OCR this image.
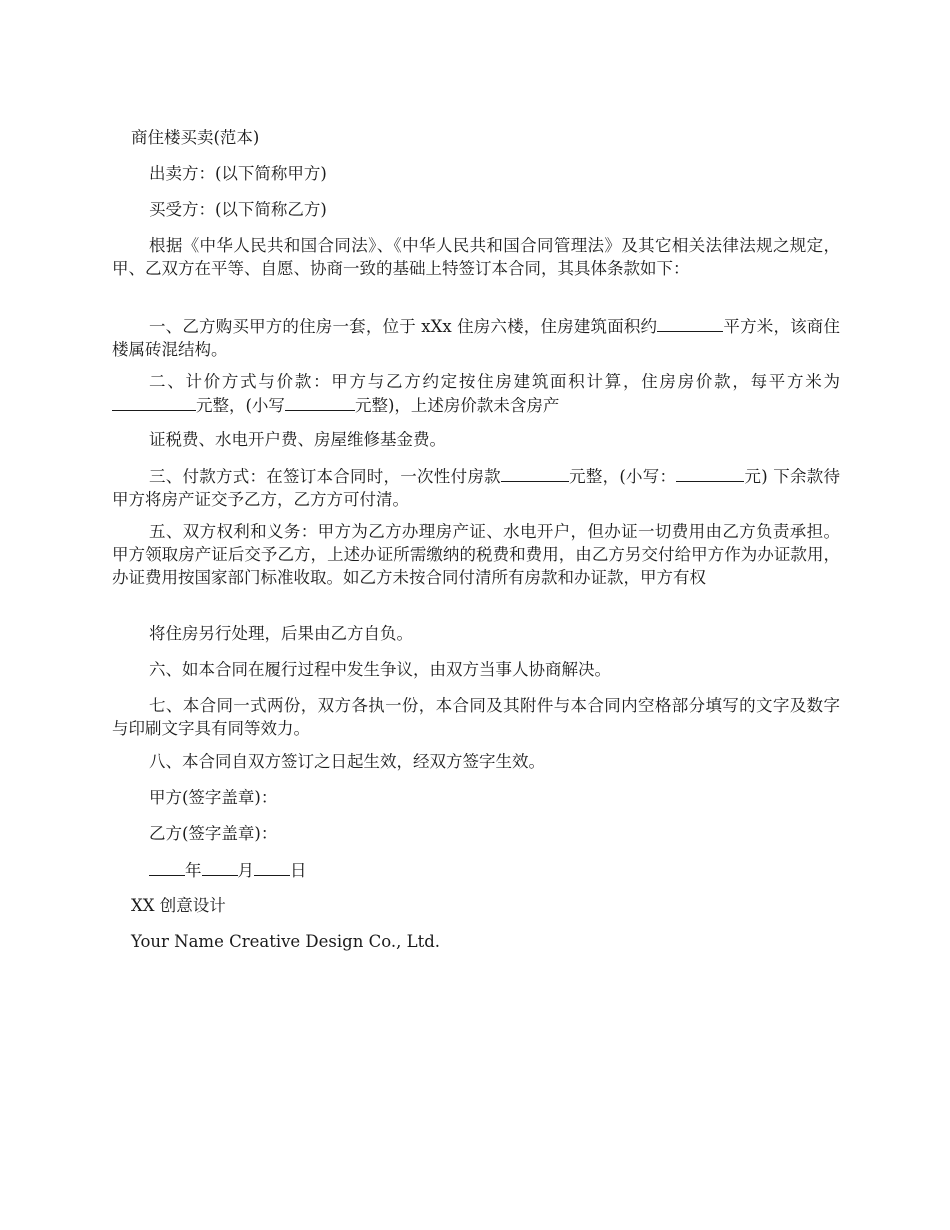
商住楼买卖(范本)

出卖方：(以下简称甲方)

买受方：(以下简称乙方)

根据《中华人民共和国合同法》、《中华人民共和国合同管理法》及其它相关法律法规之规定，甲、乙双方在平等、自愿、协商一致的基础上特签订本合同，其具体条款如下：

一、乙方购买甲方的住房一套，位于 xXx 住房六楼，住房建筑面积约	平方米，该商住楼属砖混结构。

二、计价方式与价款：甲方与乙方约定按住房建筑面积计算，住房房价款，每平方米为元整，(小写	元整)，上述房价款未含房产

证税费、水电开户费、房屋维修基金费。

三、付款方式：在签订本合同时，一次性付房款	元整，(小写：	元) 下余款待甲方将房产证交予乙方，乙方方可付清。

五、双方权利和义务：甲方为乙方办理房产证、水电开户，但办证一切费用由乙方负责承担。甲方领取房产证后交予乙方，上述办证所需缴纳的税费和费用，由乙方另交付给甲方作为办证款用，办证费用按国家部门标准收取。如乙方未按合同付清所有房款和办证款，甲方有权

将住房另行处理，后果由乙方自负。

六、如本合同在履行过程中发生争议，由双方当事人协商解决。

七、本合同一式两份，双方各执一份，本合同及其附件与本合同内空格部分填写的文字及数字与印刷文字具有同等效力。

八、本合同自双方签订之日起生效，经双方签字生效。

甲方(签字盖章)：

乙方(签字盖章)：

年 月 日

XX 创意设计

Your Name Creative Design Co., Ltd.
